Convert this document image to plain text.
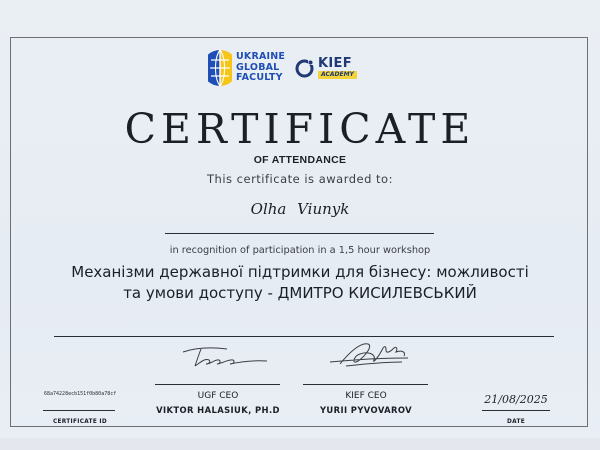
UKRAINE
GLOBAL
FACULTY
KIEF
ACADEMY
CERTIFICATE
OF ATTENDANCE
This certificate is awarded to:
Olha Viunyk
in recognition of participation in a 1,5 hour workshop
Механізми державної підтримки для бізнесу: можливості
та умови доступу - ДМИТРО КИСИЛЕВСЬКИЙ
UGF CEO
VIKTOR HALASIUK, PH.D
KIEF CEO
YURII PYVOVAROV
68a74228ecb151f0b80a78cf
CERTIFICATE ID
21/08/2025
DATE
